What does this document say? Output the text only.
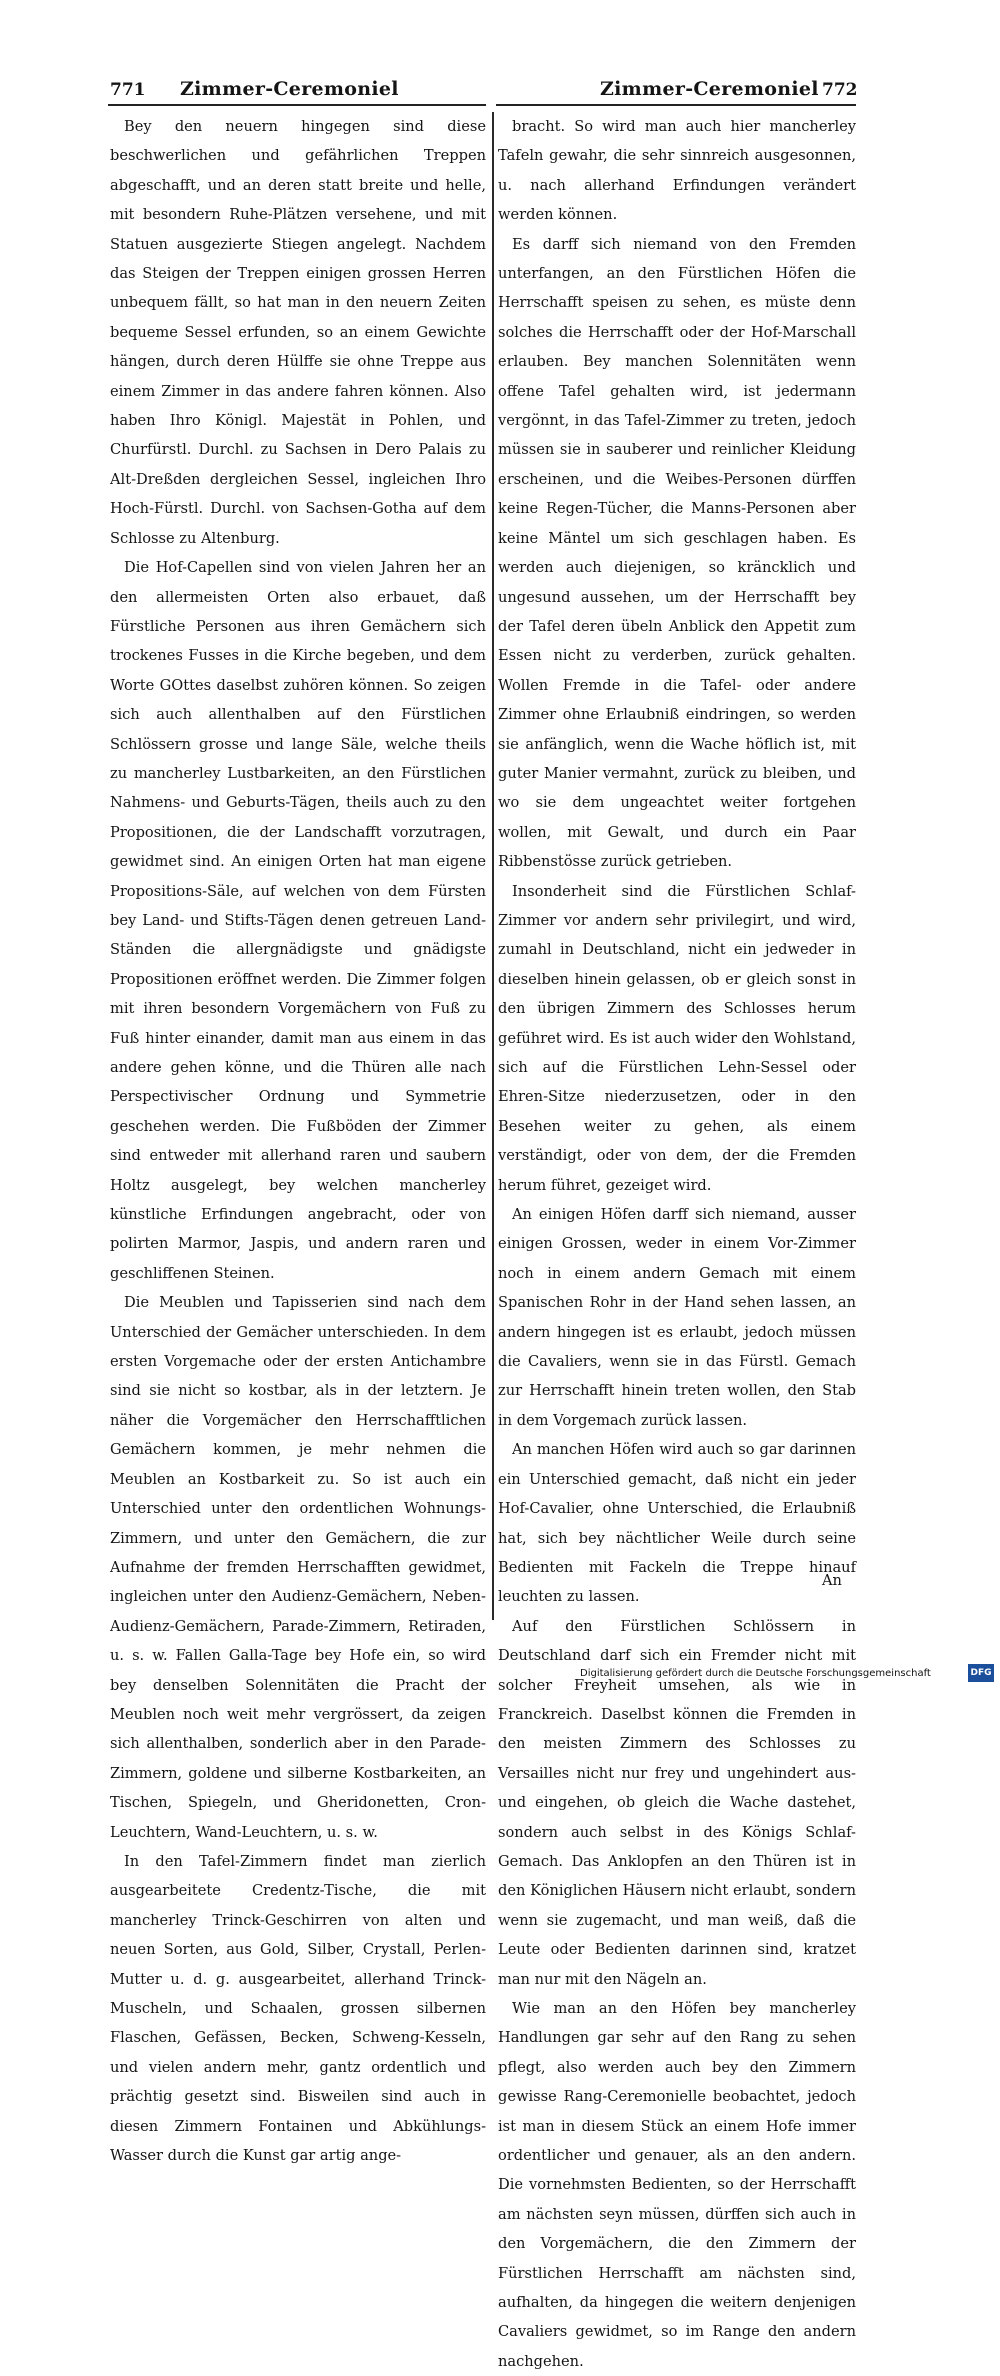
771 Zimmer-Ceremoniel	Zimmer-Ceremoniel 772

Bey den neuern hingegen sind diese beschwerlichen und gefährlichen Treppen abgeschafft, und an deren statt breite und helle, mit besondern Ruhe-Plätzen versehene, und mit Statuen ausgezierte Stiegen angelegt. Nachdem das Steigen der Treppen einigen grossen Herren unbequem fällt, so hat man in den neuern Zeiten bequeme Sessel erfunden, so an einem Gewichte hängen, durch deren Hülffe sie ohne Treppe aus einem Zimmer in das andere fahren können. Also haben Ihro Königl. Majestät in Pohlen, und Churfürstl. Durchl. zu Sachsen in Dero Palais zu Alt-Dreßden dergleichen Sessel, ingleichen Ihro Hoch-Fürstl. Durchl. von Sachsen-Gotha auf dem Schlosse zu Altenburg.

Die Hof-Capellen sind von vielen Jahren her an den allermeisten Orten also erbauet, daß Fürstliche Personen aus ihren Gemächern sich trockenes Fusses in die Kirche begeben, und dem Worte GOttes daselbst zuhören können. So zeigen sich auch allenthalben auf den Fürstlichen Schlössern grosse und lange Säle, welche theils zu mancherley Lustbarkeiten, an den Fürstlichen Nahmens- und Geburts-Tägen, theils auch zu den Propositionen, die der Landschafft vorzutragen, gewidmet sind. An einigen Orten hat man eigene Propositions-Säle, auf welchen von dem Fürsten bey Land- und Stifts-Tägen denen getreuen Land-Ständen die allergnädigste und gnädigste Propositionen eröffnet werden. Die Zimmer folgen mit ihren besondern Vorgemächern von Fuß zu Fuß hinter einander, damit man aus einem in das andere gehen könne, und die Thüren alle nach Perspectivischer Ordnung und Symmetrie geschehen werden. Die Fußböden der Zimmer sind entweder mit allerhand raren und saubern Holtz ausgelegt, bey welchen mancherley künstliche Erfindungen angebracht, oder von polirten Marmor, Jaspis, und andern raren und geschliffenen Steinen.

Die Meublen und Tapisserien sind nach dem Unterschied der Gemächer unterschieden. In dem ersten Vorgemache oder der ersten Antichambre sind sie nicht so kostbar, als in der letztern. Je näher die Vorgemächer den Herrschafftlichen Gemächern kommen, je mehr nehmen die Meublen an Kostbarkeit zu. So ist auch ein Unterschied unter den ordentlichen Wohnungs-Zimmern, und unter den Gemächern, die zur Aufnahme der fremden Herrschafften gewidmet, ingleichen unter den Audienz-Gemächern, Neben-Audienz-Gemächern, Parade-Zimmern, Retiraden, u. s. w. Fallen Galla-Tage bey Hofe ein, so wird bey denselben Solennitäten die Pracht der Meublen noch weit mehr vergrössert, da zeigen sich allenthalben, sonderlich aber in den Parade-Zimmern, goldene und silberne Kostbarkeiten, an Tischen, Spiegeln, und Gheridonetten, Cron-Leuchtern, Wand-Leuchtern, u. s. w.

In den Tafel-Zimmern findet man zierlich ausgearbeitete Credentz-Tische, die mit mancherley Trinck-Geschirren von alten und neuen Sorten, aus Gold, Silber, Crystall, Perlen-Mutter u. d. g. ausgearbeitet, allerhand Trinck-Muscheln, und Schaalen, grossen silbernen Flaschen, Gefässen, Becken, Schweng-Kesseln, und vielen andern mehr, gantz ordentlich und prächtig gesetzt sind. Bisweilen sind auch in diesen Zimmern Fontainen und Abkühlungs-Wasser durch die Kunst gar artig ange-

bracht. So wird man auch hier mancherley Tafeln gewahr, die sehr sinnreich ausgesonnen, u. nach allerhand Erfindungen verändert werden können.

Es darff sich niemand von den Fremden unterfangen, an den Fürstlichen Höfen die Herrschafft speisen zu sehen, es müste denn solches die Herrschafft oder der Hof-Marschall erlauben. Bey manchen Solennitäten wenn offene Tafel gehalten wird, ist jedermann vergönnt, in das Tafel-Zimmer zu treten, jedoch müssen sie in sauberer und reinlicher Kleidung erscheinen, und die Weibes-Personen dürffen keine Regen-Tücher, die Manns-Personen aber keine Mäntel um sich geschlagen haben. Es werden auch diejenigen, so kräncklich und ungesund aussehen, um der Herrschafft bey der Tafel deren übeln Anblick den Appetit zum Essen nicht zu verderben, zurück gehalten. Wollen Fremde in die Tafel- oder andere Zimmer ohne Erlaubniß eindringen, so werden sie anfänglich, wenn die Wache höflich ist, mit guter Manier vermahnt, zurück zu bleiben, und wo sie dem ungeachtet weiter fortgehen wollen, mit Gewalt, und durch ein Paar Ribbenstösse zurück getrieben.

Insonderheit sind die Fürstlichen Schlaf-Zimmer vor andern sehr privilegirt, und wird, zumahl in Deutschland, nicht ein jedweder in dieselben hinein gelassen, ob er gleich sonst in den übrigen Zimmern des Schlosses herum geführet wird. Es ist auch wider den Wohlstand, sich auf die Fürstlichen Lehn-Sessel oder Ehren-Sitze niederzusetzen, oder in den Besehen weiter zu gehen, als einem verständigt, oder von dem, der die Fremden herum führet, gezeiget wird.

An einigen Höfen darff sich niemand, ausser einigen Grossen, weder in einem Vor-Zimmer noch in einem andern Gemach mit einem Spanischen Rohr in der Hand sehen lassen, an andern hingegen ist es erlaubt, jedoch müssen die Cavaliers, wenn sie in das Fürstl. Gemach zur Herrschafft hinein treten wollen, den Stab in dem Vorgemach zurück lassen.

An manchen Höfen wird auch so gar darinnen ein Unterschied gemacht, daß nicht ein jeder Hof-Cavalier, ohne Unterschied, die Erlaubniß hat, sich bey nächtlicher Weile durch seine Bedienten mit Fackeln die Treppe hinauf leuchten zu lassen.

Auf den Fürstlichen Schlössern in Deutschland darf sich ein Fremder nicht mit solcher Freyheit umsehen, als wie in Franckreich. Daselbst können die Fremden in den meisten Zimmern des Schlosses zu Versailles nicht nur frey und ungehindert aus- und eingehen, ob gleich die Wache dastehet, sondern auch selbst in des Königs Schlaf-Gemach. Das Anklopfen an den Thüren ist in den Königlichen Häusern nicht erlaubt, sondern wenn sie zugemacht, und man weiß, daß die Leute oder Bedienten darinnen sind, kratzet man nur mit den Nägeln an.

Wie man an den Höfen bey mancherley Handlungen gar sehr auf den Rang zu sehen pflegt, also werden auch bey den Zimmern gewisse Rang-Ceremonielle beobachtet, jedoch ist man in diesem Stück an einem Hofe immer ordentlicher und genauer, als an den andern. Die vornehmsten Bedienten, so der Herrschafft am nächsten seyn müssen, dürffen sich auch in den Vorgemächern, die den Zimmern der Fürstlichen Herrschafft am nächsten sind, aufhalten, da hingegen die weitern denjenigen Cavaliers gewidmet, so im Range den andern nachgehen.

An
Digitalisierung gefördert durch die Deutsche Forschungsgemeinschaft	DFG
